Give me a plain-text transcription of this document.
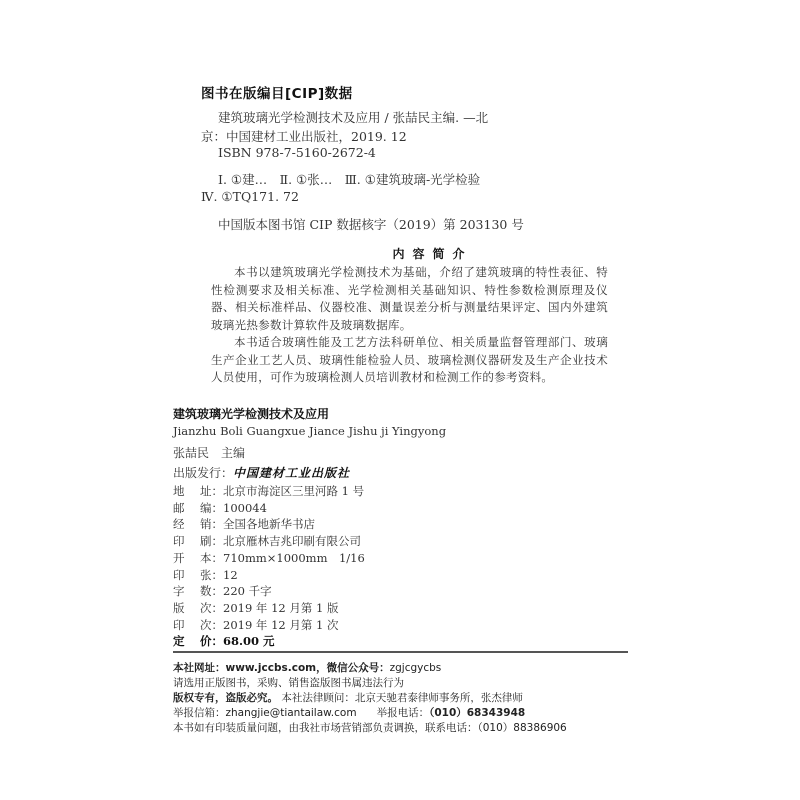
图书在版编目[CIP]数据
建筑玻璃光学检测技术及应用 / 张喆民主编. —北
京：中国建材工业出版社，2019. 12
ISBN 978-7-5160-2672-4
Ⅰ. ①建…　Ⅱ. ①张…　Ⅲ. ①建筑玻璃-光学检验
Ⅳ. ①TQ171. 72
中国版本图书馆 CIP 数据核字（2019）第 203130 号
内容简介
本书以建筑玻璃光学检测技术为基础，介绍了建筑玻璃的特性表征、特性检测要求及相关标准、光学检测相关基础知识、特性参数检测原理及仪器、相关标准样品、仪器校准、测量误差分析与测量结果评定、国内外建筑玻璃光热参数计算软件及玻璃数据库。
本书适合玻璃性能及工艺方法科研单位、相关质量监督管理部门、玻璃生产企业工艺人员、玻璃性能检验人员、玻璃检测仪器研发及生产企业技术人员使用，可作为玻璃检测人员培训教材和检测工作的参考资料。
建筑玻璃光学检测技术及应用
Jianzhu Boli Guangxue Jiance Jishu ji Yingyong
张喆民　主编
出版发行：中国建材工业出版社
地 址：北京市海淀区三里河路 1 号
邮 编：100044
经 销：全国各地新华书店
印 刷：北京雁林吉兆印刷有限公司
开 本：710mm×1000mm　1/16
印 张：12
字 数：220 千字
版 次：2019 年 12 月第 1 版
印 次：2019 年 12 月第 1 次
定 价：68.00 元
本社网址：www.jccbs.com，微信公众号：zgjcgycbs
请选用正版图书，采购、销售盗版图书属违法行为
版权专有，盗版必究。 本社法律顾问：北京天驰君泰律师事务所，张杰律师
举报信箱：zhangjie@tiantailaw.com 举报电话：（010）68343948
本书如有印装质量问题，由我社市场营销部负责调换，联系电话：（010）88386906
